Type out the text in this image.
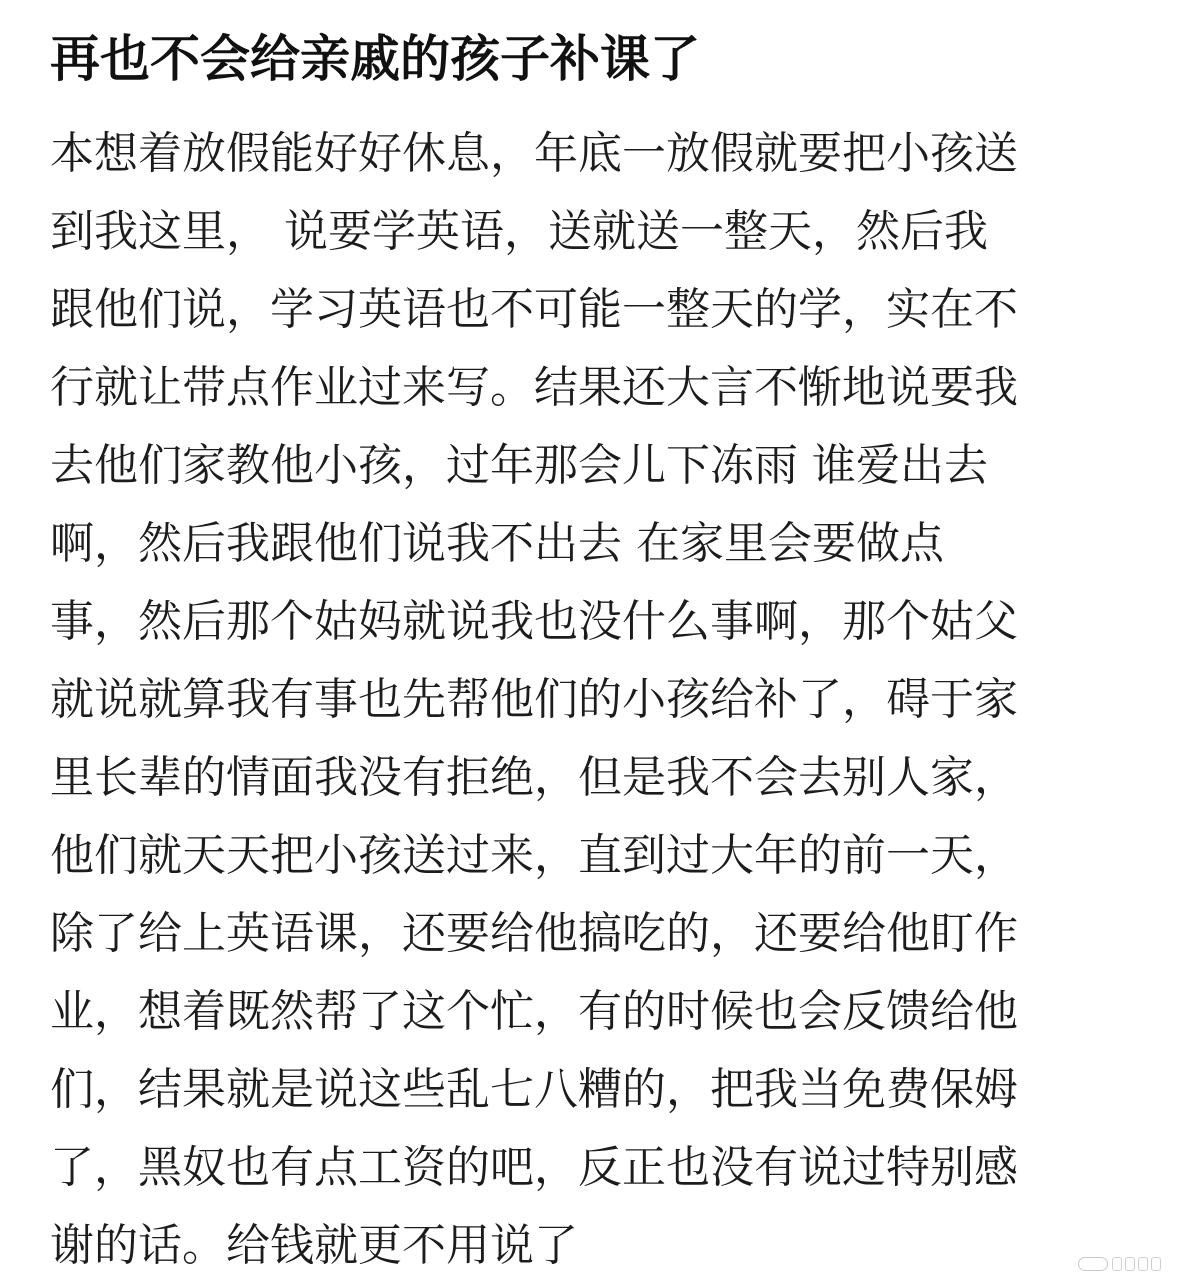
再也不会给亲戚的孩子补课了
本想着放假能好好休息，年底一放假就要把小孩送
到我这里， 说要学英语，送就送一整天，然后我
跟他们说，学习英语也不可能一整天的学，实在不
行就让带点作业过来写。结果还大言不惭地说要我
去他们家教他小孩，过年那会儿下冻雨 谁爱出去
啊，然后我跟他们说我不出去 在家里会要做点
事，然后那个姑妈就说我也没什么事啊，那个姑父
就说就算我有事也先帮他们的小孩给补了，碍于家
里长辈的情面我没有拒绝，但是我不会去别人家，
他们就天天把小孩送过来，直到过大年的前一天，
除了给上英语课，还要给他搞吃的，还要给他盯作
业，想着既然帮了这个忙，有的时候也会反馈给他
们，结果就是说这些乱七八糟的，把我当免费保姆
了，黑奴也有点工资的吧，反正也没有说过特别感
谢的话。给钱就更不用说了
